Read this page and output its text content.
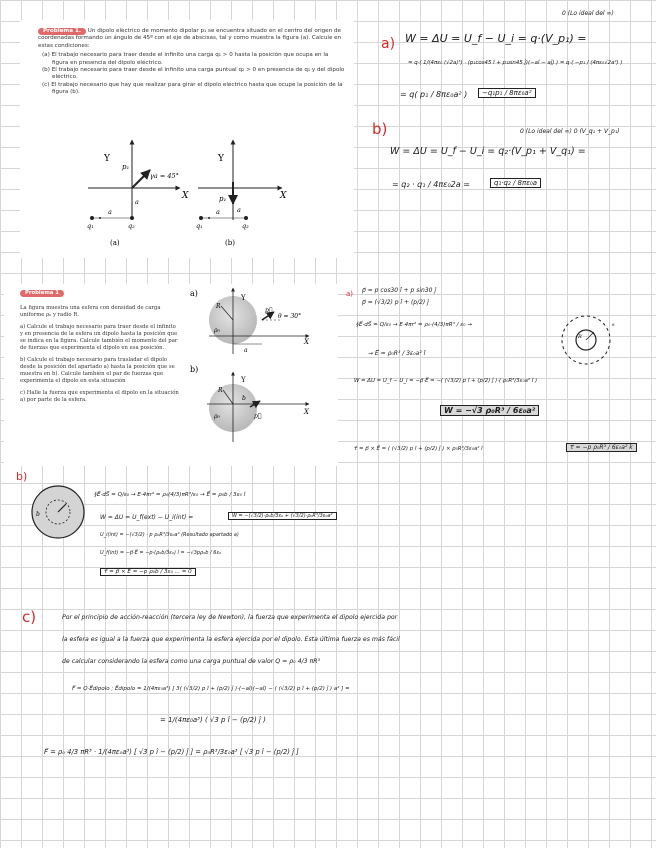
Problema 1. Un dipolo eléctrico de momento dipolar p₁ se encuentra situado en el centro del origen de coordenadas formando un ángulo de 45º con el eje de abscisas, tal y como muestra la figura (a). Calcule en estas condiciones:
(a) El trabajo necesario para traer desde el infinito una carga q₁ > 0 hasta la posición que ocupa en la figura en presencia del dipolo eléctrico.
(b) El trabajo necesario para traer desde el infinito una carga puntual q₂ > 0 en presencia de q₁ y del dipolo eléctrico.
(c) El trabajo necesario que hay que realizar para girar el dipolo eléctrico hasta que ocupe la posición de la figura (b).
Y
X
p₁
γa = 45°
q₁	q₂
a
a
(a)
Y
X
p₁
q₁	q₂
a	a
(b)
Problema 1
La figura muestra una esfera con densidad de carga uniforme ρ₀ y radio R.
a) Calcule el trabajo necesario para traer desde el infinito y en presencia de la esfera un dipolo hasta la posición que se indica en la figura. Calcule también el momento del par de fuerzas que experimenta el dipolo en esa posición.
b) Calcule el trabajo necesario para trasladar el dipolo desde la posición del apartado a) hasta la posición que se muestra en b). Calcule también el par de fuerzas que experimenta el dipolo en esta situación
c) Halle la fuerza que experimenta el dipolo en la situación a) por parte de la esfera.
a)	Y
X
R
ρ₀
θ = 30°
p⃗
a
b)
Y
X
R
ρ₀	p⃗
b
a)
0 (Lo ideal del ∞)
W = ΔU = U_f − U_i = q·(V_p₁) =
= q·( 1/(4πε₀ (√2a)³) · (p₁cos45 î + p₁sin45 ĵ)(−aî − aĵ) ) = q·( −p₁ / (4πε₀√2a²) )
= q( p₁ / 8πε₀a² )	−q₁p₁ / 8πε₀a²
b)	0 (Lo ideal del ∞) 0 (V_q₁ + V_p₁)
W = ΔU = U_f − U_i = q₂·(V_p₁ + V_q₁) =
= q₂ · q₁ / 4πε₀2a =	q₁·q₂ / 8πε₀a
a) p⃗ = p cos30 î + p sin30 ĵ
p⃗ = (√3/2) p î + (p/2) ĵ
∮E⃗·dS⃗ = Q/ε₀ → E·4πr² = ρ₀·(4/3)πR³ / ε₀ →
→ E⃗ = ρ₀R³ / 3ε₀a² î
R
s
W = ΔU = U_f − U_i = −p⃗·E⃗ = −( (√3/2) p î + (p/2) ĵ )·( ρ₀R³/3ε₀a² î )
W = −√3 ρ₀R³ / 6ε₀a²
τ⃗ = p⃗ × E⃗ = ( (√3/2) p î + (p/2) ĵ ) × ρ₀R³/3ε₀a² î	τ⃗ = −p ρ₀R³ / 6ε₀a² k̂
b)
b
∮E⃗·dS⃗ = Q/ε₀ → E·4πr² = ρ₀(4/3)πR³/ε₀ → E⃗ = ρ₀b / 3ε₀ î
W = ΔU = U_f(ext) − U_i(int) =	W = −(√3/2)·ρ₀b/3ε₀ + (√3/2)·ρ₀R³/3ε₀a²
U_i(int) = −(√3/2) · p ρ₀R³/3ε₀a² (Resultado apartado a)
U_f(int) = −p⃗·E⃗ = −p·(ρ₀b/3ε₀) î = −√3pρ₀b / 6ε₀
τ⃗ = p⃗ × E⃗ = −p ρ₀b / 3ε₀ ... = 0
c)	Por el principio de acción-reacción (tercera ley de Newton), la fuerza que experimenta el dipolo ejercida por
la esfera es igual a la fuerza que experimenta la esfera ejercida por el dipolo. Esta última fuerza es más fácil
de calcular considerando la esfera como una carga puntual de valor Q = ρ₀ 4/3 πR³
F⃗ = Q·E⃗dipolo ; E⃗dipolo = 1/(4πε₀a³) [ 3( (√3/2) p î + (p/2) ĵ )·(−aî)(−aî) − ( (√3/2) p î + (p/2) ĵ ) a² ] =
= 1/(4πε₀a³) ( √3 p î − (p/2) ĵ )
F⃗ = ρ₀ 4/3 πR³ · 1/(4πε₀a³) [ √3 p î − (p/2) ĵ ] = ρ₀R³/3ε₀a³ [ √3 p î − (p/2) ĵ ]
